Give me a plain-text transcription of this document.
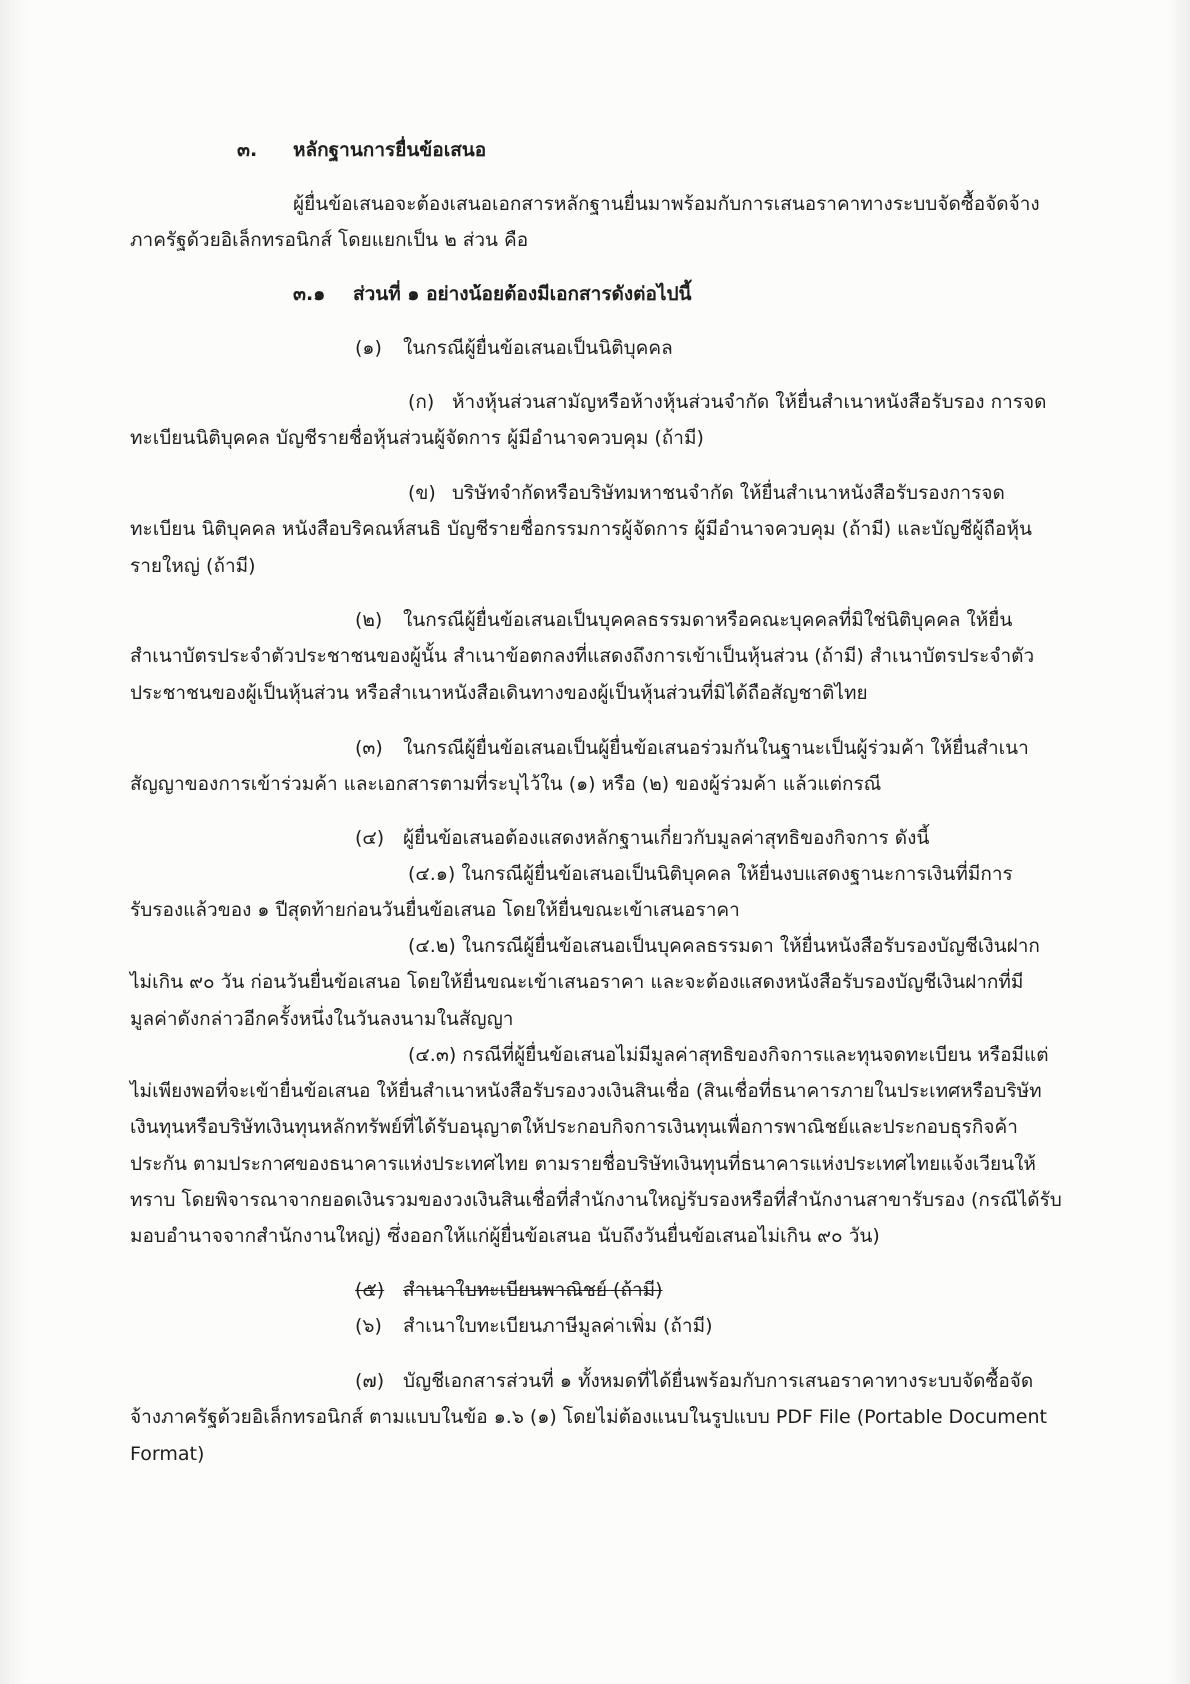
๓. หลักฐานการยื่นข้อเสนอ
ผู้ยื่นข้อเสนอจะต้องเสนอเอกสารหลักฐานยื่นมาพร้อมกับการเสนอราคาทางระบบจัดซื้อจัดจ้าง
ภาครัฐด้วยอิเล็กทรอนิกส์ โดยแยกเป็น ๒ ส่วน คือ
๓.๑ ส่วนที่ ๑ อย่างน้อยต้องมีเอกสารดังต่อไปนี้
(๑) ในกรณีผู้ยื่นข้อเสนอเป็นนิติบุคคล
(ก) ห้างหุ้นส่วนสามัญหรือห้างหุ้นส่วนจำกัด ให้ยื่นสำเนาหนังสือรับรอง การจด
ทะเบียนนิติบุคคล บัญชีรายชื่อหุ้นส่วนผู้จัดการ ผู้มีอำนาจควบคุม (ถ้ามี)
(ข) บริษัทจำกัดหรือบริษัทมหาชนจำกัด ให้ยื่นสำเนาหนังสือรับรองการจด
ทะเบียน นิติบุคคล หนังสือบริคณห์สนธิ บัญชีรายชื่อกรรมการผู้จัดการ ผู้มีอำนาจควบคุม (ถ้ามี) และบัญชีผู้ถือหุ้น
รายใหญ่ (ถ้ามี)
(๒) ในกรณีผู้ยื่นข้อเสนอเป็นบุคคลธรรมดาหรือคณะบุคคลที่มิใช่นิติบุคคล ให้ยื่น
สำเนาบัตรประจำตัวประชาชนของผู้นั้น สำเนาข้อตกลงที่แสดงถึงการเข้าเป็นหุ้นส่วน (ถ้ามี) สำเนาบัตรประจำตัว
ประชาชนของผู้เป็นหุ้นส่วน หรือสำเนาหนังสือเดินทางของผู้เป็นหุ้นส่วนที่มิได้ถือสัญชาติไทย
(๓) ในกรณีผู้ยื่นข้อเสนอเป็นผู้ยื่นข้อเสนอร่วมกันในฐานะเป็นผู้ร่วมค้า ให้ยื่นสำเนา
สัญญาของการเข้าร่วมค้า และเอกสารตามที่ระบุไว้ใน (๑) หรือ (๒) ของผู้ร่วมค้า แล้วแต่กรณี
(๔) ผู้ยื่นข้อเสนอต้องแสดงหลักฐานเกี่ยวกับมูลค่าสุทธิของกิจการ ดังนี้
(๔.๑) ในกรณีผู้ยื่นข้อเสนอเป็นนิติบุคคล ให้ยื่นงบแสดงฐานะการเงินที่มีการ
รับรองแล้วของ ๑ ปีสุดท้ายก่อนวันยื่นข้อเสนอ โดยให้ยื่นขณะเข้าเสนอราคา
(๔.๒) ในกรณีผู้ยื่นข้อเสนอเป็นบุคคลธรรมดา ให้ยื่นหนังสือรับรองบัญชีเงินฝาก
ไม่เกิน ๙๐ วัน ก่อนวันยื่นข้อเสนอ โดยให้ยื่นขณะเข้าเสนอราคา และจะต้องแสดงหนังสือรับรองบัญชีเงินฝากที่มี
มูลค่าดังกล่าวอีกครั้งหนึ่งในวันลงนามในสัญญา
(๔.๓) กรณีที่ผู้ยื่นข้อเสนอไม่มีมูลค่าสุทธิของกิจการและทุนจดทะเบียน หรือมีแต่
ไม่เพียงพอที่จะเข้ายื่นข้อเสนอ ให้ยื่นสำเนาหนังสือรับรองวงเงินสินเชื่อ (สินเชื่อที่ธนาคารภายในประเทศหรือบริษัท
เงินทุนหรือบริษัทเงินทุนหลักทรัพย์ที่ได้รับอนุญาตให้ประกอบกิจการเงินทุนเพื่อการพาณิชย์และประกอบธุรกิจค้า
ประกัน ตามประกาศของธนาคารแห่งประเทศไทย ตามรายชื่อบริษัทเงินทุนที่ธนาคารแห่งประเทศไทยแจ้งเวียนให้
ทราบ โดยพิจารณาจากยอดเงินรวมของวงเงินสินเชื่อที่สำนักงานใหญ่รับรองหรือที่สำนักงานสาขารับรอง (กรณีได้รับ
มอบอำนาจจากสำนักงานใหญ่) ซึ่งออกให้แก่ผู้ยื่นข้อเสนอ นับถึงวันยื่นข้อเสนอไม่เกิน ๙๐ วัน)
(๕) สำเนาใบทะเบียนพาณิชย์ (ถ้ามี)
(๖) สำเนาใบทะเบียนภาษีมูลค่าเพิ่ม (ถ้ามี)
(๗) บัญชีเอกสารส่วนที่ ๑ ทั้งหมดที่ได้ยื่นพร้อมกับการเสนอราคาทางระบบจัดซื้อจัด
จ้างภาครัฐด้วยอิเล็กทรอนิกส์ ตามแบบในข้อ ๑.๖ (๑) โดยไม่ต้องแนบในรูปแบบ PDF File (Portable Document
Format)
